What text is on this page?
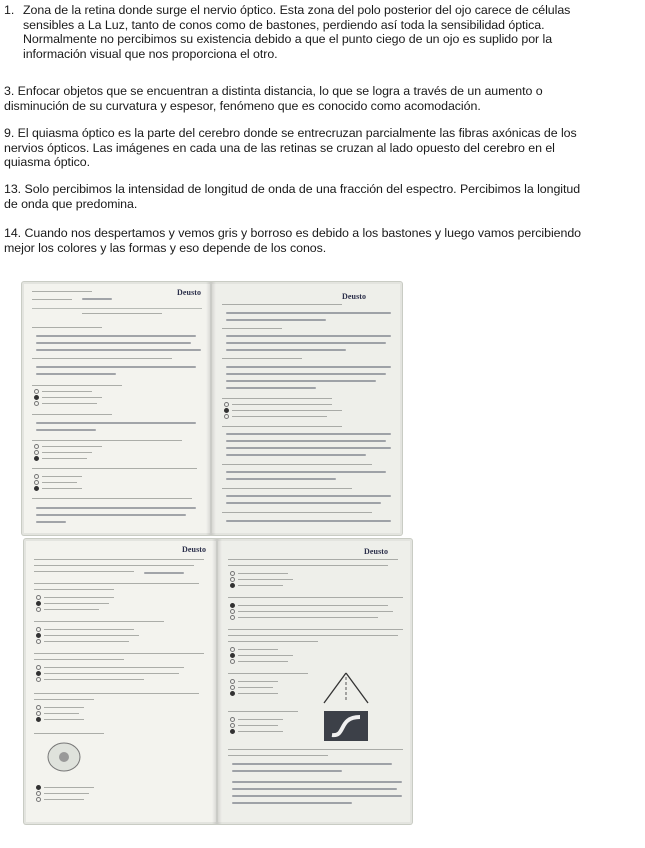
1. Zona de la retina donde surge el nervio óptico. Esta zona del polo posterior del ojo carece de células
sensibles a La Luz, tanto de conos como de bastones, perdiendo así toda la sensibilidad óptica.
Normalmente no percibimos su existencia debido a que el punto ciego de un ojo es suplido por la
información visual que nos proporciona el otro.
3. Enfocar objetos que se encuentran a distinta distancia, lo que se logra a través de un aumento o
disminución de su curvatura y espesor, fenómeno que es conocido como acomodación.
9. El quiasma óptico es la parte del cerebro donde se entrecruzan parcialmente las fibras axónicas de los
nervios ópticos. Las imágenes en cada una de las retinas se cruzan al lado opuesto del cerebro en el
quiasma óptico.
13. Solo percibimos la intensidad de longitud de onda de una fracción del espectro. Percibimos la longitud
de onda que predomina.
14. Cuando nos despertamos y vemos gris y borroso es debido a los bastones y luego vamos percibiendo
mejor los colores y las formas y eso depende de los conos.
Deusto	Deusto
Deusto	Deusto
